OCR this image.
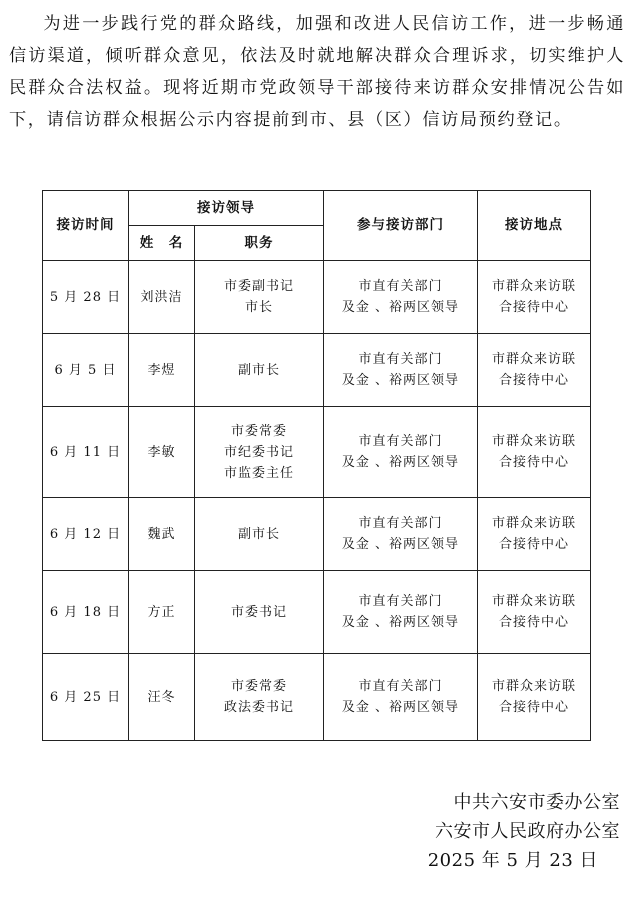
为进一步践行党的群众路线，加强和改进人民信访工作，进一步畅通信访渠道，倾听群众意见，依法及时就地解决群众合理诉求，切实维护人民群众合法权益。现将近期市党政领导干部接待来访群众安排情况公告如下，请信访群众根据公示内容提前到市、县（区）信访局预约登记。

接访时间	接访领导		参与接访部门	接访地点
	姓　名	职务		
5 月 28 日	刘洪洁	市委副书记
市长	市直有关部门
及金 、裕两区领导	市群众来访联
合接待中心

6 月 5 日	李煜	副市长	市直有关部门
及金 、裕两区领导	市群众来访联
合接待中心

6 月 11 日	李敏	市委常委
市纪委书记
市监委主任	市直有关部门
及金 、裕两区领导	市群众来访联
合接待中心

6 月 12 日	魏武	副市长	市直有关部门
及金 、裕两区领导	市群众来访联
合接待中心

6 月 18 日	方正	市委书记	市直有关部门
及金 、裕两区领导	市群众来访联
合接待中心

6 月 25 日	汪冬	市委常委
政法委书记	市直有关部门
及金 、裕两区领导	市群众来访联
合接待中心
中共六安市委办公室
六安市人民政府办公室
2025 年 5 月 23 日
